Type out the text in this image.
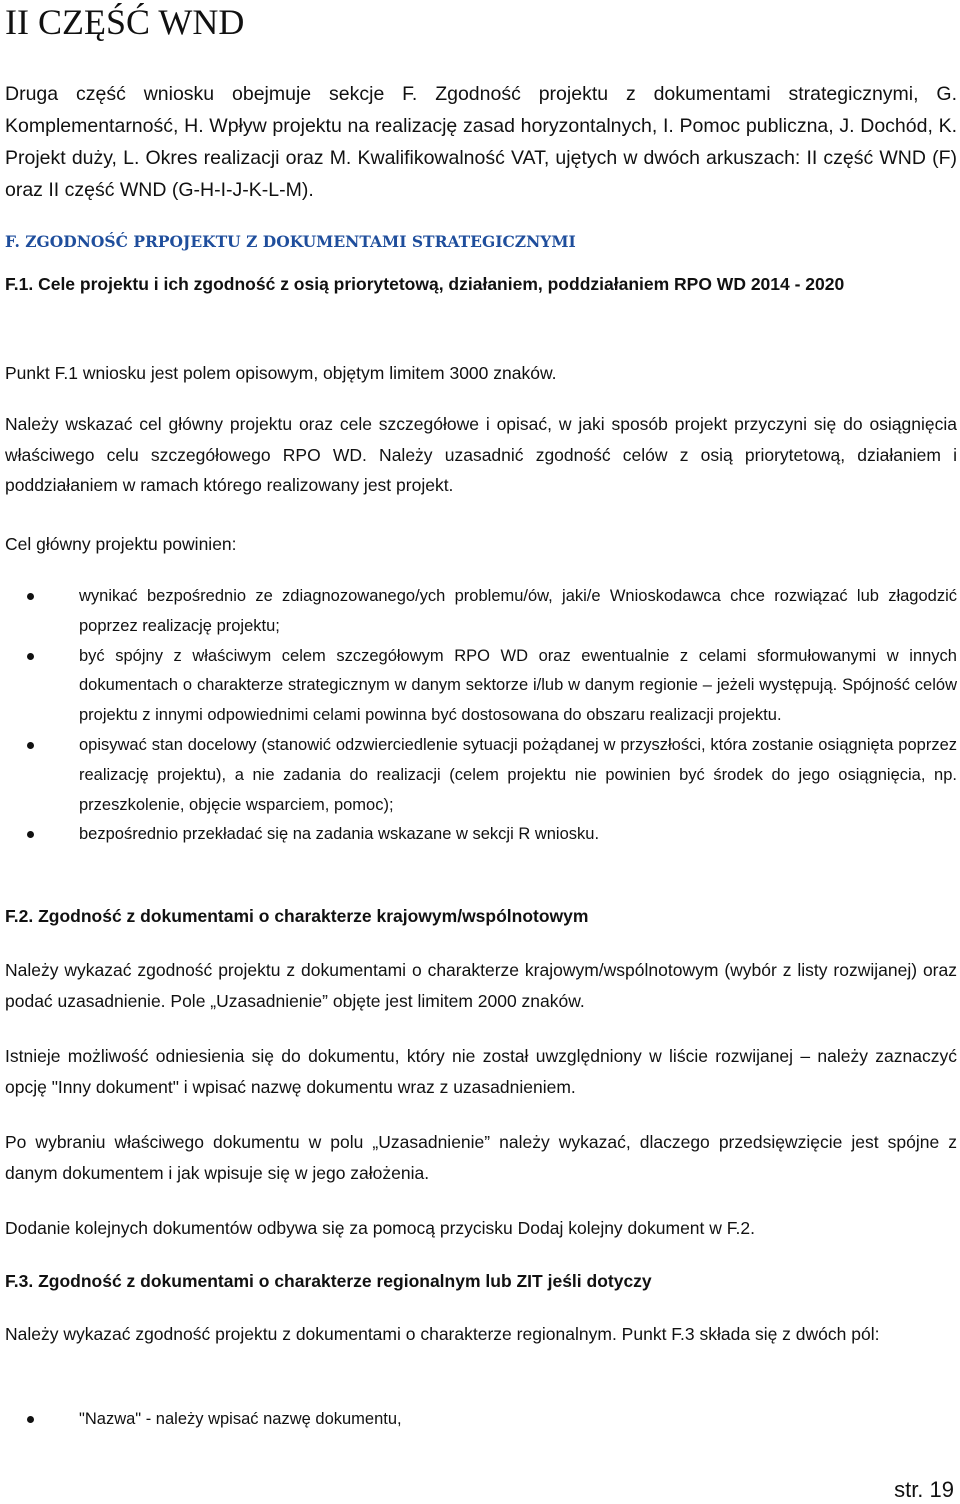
II CZĘŚĆ WND

Druga część wniosku obejmuje sekcje F. Zgodność projektu z dokumentami strategicznymi, G. Komplementarność, H. Wpływ projektu na realizację zasad horyzontalnych, I. Pomoc publiczna, J. Dochód, K. Projekt duży, L. Okres realizacji oraz M. Kwalifikowalność VAT, ujętych w dwóch arkuszach: II część WND (F) oraz II część WND (G-H-I-J-K-L-M).

F. ZGODNOŚĆ PRPOJEKTU Z DOKUMENTAMI STRATEGICZNYMI

F.1. Cele projektu i ich zgodność z osią priorytetową, działaniem, poddziałaniem RPO WD 2014 - 2020

Punkt F.1 wniosku jest polem opisowym, objętym limitem 3000 znaków.

Należy wskazać cel główny projektu oraz cele szczegółowe i opisać, w jaki sposób projekt przyczyni się do osiągnięcia właściwego celu szczegółowego RPO WD. Należy uzasadnić zgodność celów z osią priorytetową, działaniem i poddziałaniem w ramach którego realizowany jest projekt.

Cel główny projektu powinien:

wynikać bezpośrednio ze zdiagnozowanego/ych problemu/ów, jaki/e Wnioskodawca chce rozwiązać lub złagodzić poprzez realizację projektu;
być spójny z właściwym celem szczegółowym RPO WD oraz ewentualnie z celami sformułowanymi w innych dokumentach o charakterze strategicznym w danym sektorze i/lub w danym regionie – jeżeli występują. Spójność celów projektu z innymi odpowiednimi celami powinna być dostosowana do obszaru realizacji projektu.
opisywać stan docelowy (stanowić odzwierciedlenie sytuacji pożądanej w przyszłości, która zostanie osiągnięta poprzez realizację projektu), a nie zadania do realizacji (celem projektu nie powinien być środek do jego osiągnięcia, np. przeszkolenie, objęcie wsparciem, pomoc);
bezpośrednio przekładać się na zadania wskazane w sekcji R wniosku.

F.2. Zgodność z dokumentami o charakterze krajowym/wspólnotowym

Należy wykazać zgodność projektu z dokumentami o charakterze krajowym/wspólnotowym (wybór z listy rozwijanej) oraz podać uzasadnienie. Pole „Uzasadnienie” objęte jest limitem 2000 znaków.

Istnieje możliwość odniesienia się do dokumentu, który nie został uwzględniony w liście rozwijanej – należy zaznaczyć opcję "Inny dokument" i wpisać nazwę dokumentu wraz z uzasadnieniem.

Po wybraniu właściwego dokumentu w polu „Uzasadnienie” należy wykazać, dlaczego przedsięwzięcie jest spójne z danym dokumentem i jak wpisuje się w jego założenia.

Dodanie kolejnych dokumentów odbywa się za pomocą przycisku Dodaj kolejny dokument w F.2.

F.3. Zgodność z dokumentami o charakterze regionalnym lub ZIT jeśli dotyczy

Należy wykazać zgodność projektu z dokumentami o charakterze regionalnym. Punkt F.3 składa się z dwóch pól:

"Nazwa" - należy wpisać nazwę dokumentu,

str. 19
